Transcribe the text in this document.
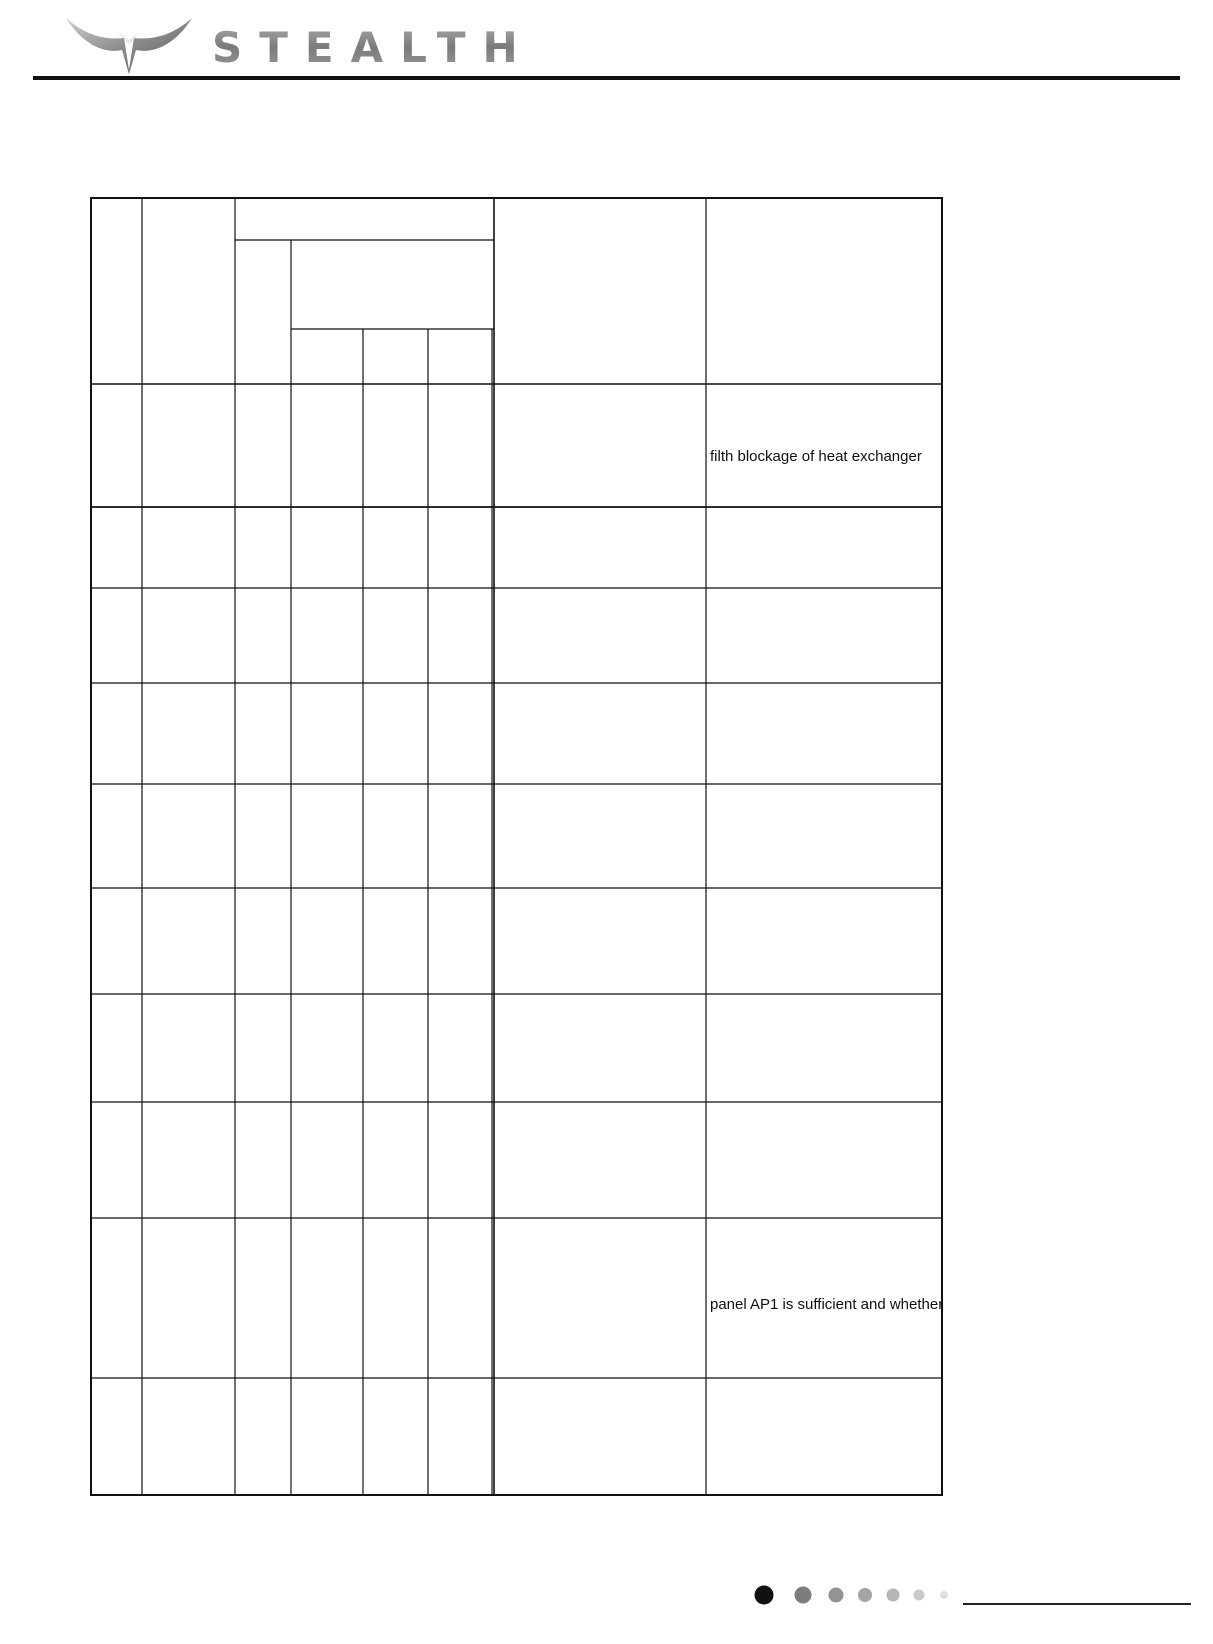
STEALTH
filth blockage of heat exchanger
panel AP1 is sufficient and whether
